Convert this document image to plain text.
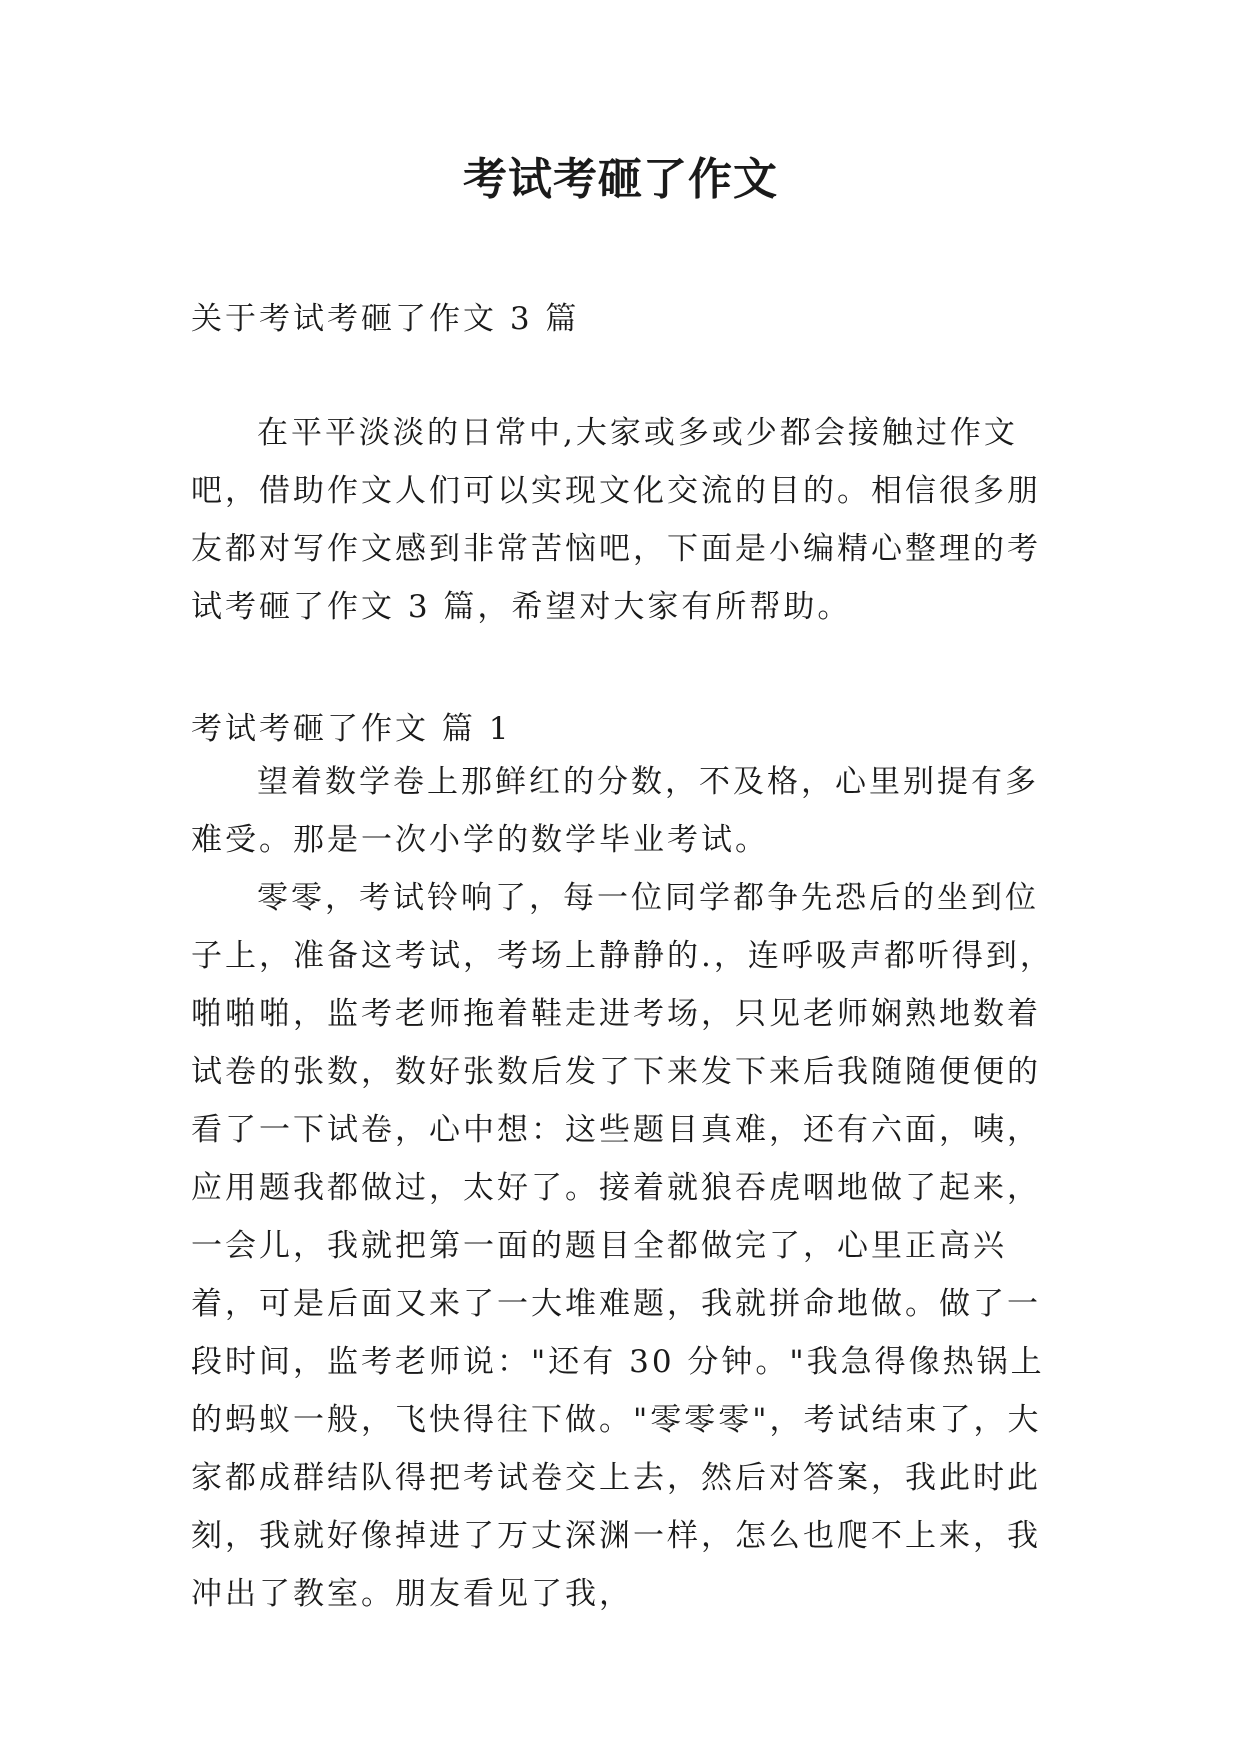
考试考砸了作文
关于考试考砸了作文 3 篇
在平平淡淡的日常中,大家或多或少都会接触过作文吧，借助作文人们可以实现文化交流的目的。相信很多朋友都对写作文感到非常苦恼吧，下面是小编精心整理的考试考砸了作文 3 篇，希望对大家有所帮助。
考试考砸了作文 篇 1

望着数学卷上那鲜红的分数，不及格，心里别提有多难受。那是一次小学的数学毕业考试。

零零，考试铃响了，每一位同学都争先恐后的坐到位子上，准备这考试，考场上静静的.，连呼吸声都听得到，啪啪啪，监考老师拖着鞋走进考场，只见老师娴熟地数着试卷的张数，数好张数后发了下来发下来后我随随便便的看了一下试卷，心中想：这些题目真难，还有六面，咦，应用题我都做过，太好了。接着就狼吞虎咽地做了起来，一会儿，我就把第一面的题目全都做完了，心里正高兴着，可是后面又来了一大堆难题，我就拼命地做。做了一段时间，监考老师说："还有 30 分钟。"我急得像热锅上的蚂蚁一般，飞快得往下做。"零零零"，考试结束了，大家都成群结队得把考试卷交上去，然后对答案，我此时此刻，我就好像掉进了万丈深渊一样，怎么也爬不上来，我冲出了教室。朋友看见了我，
